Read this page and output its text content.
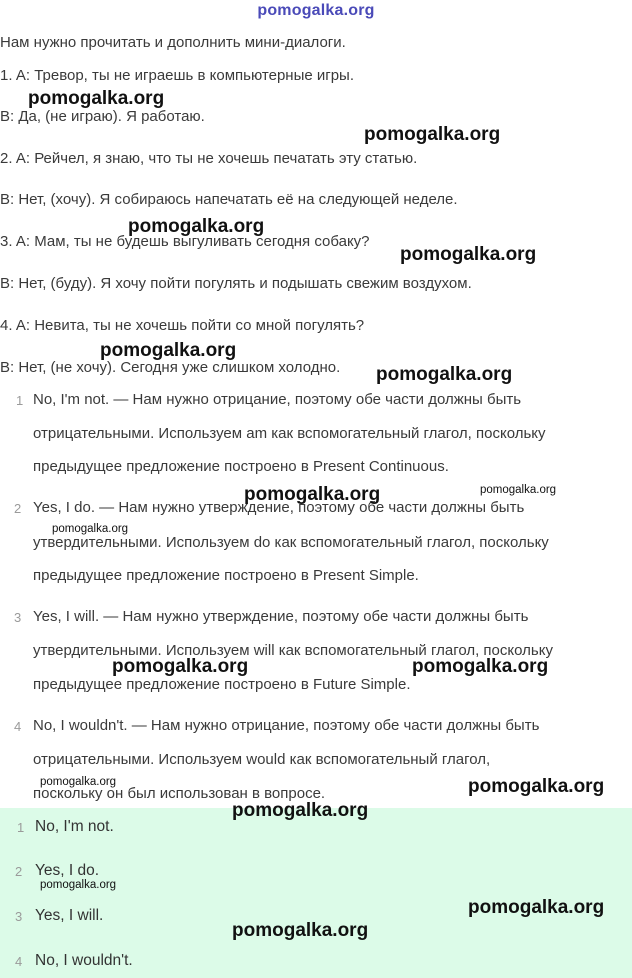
pomogalka.org
Нам нужно прочитать и дополнить мини-диалоги.
1. A: Тревор, ты не играешь в компьютерные игры.
B: Да, (не играю). Я работаю.
2. A: Рейчел, я знаю, что ты не хочешь печатать эту статью.
B: Нет, (хочу). Я собираюсь напечатать её на следующей неделе.
3. A: Мам, ты не будешь выгуливать сегодня собаку?
B: Нет, (буду). Я хочу пойти погулять и подышать свежим воздухом.
4. A: Невита, ты не хочешь пойти со мной погулять?
B: Нет, (не хочу). Сегодня уже слишком холодно.
1 No, I'm not. — Нам нужно отрицание, поэтому обе части должны быть
отрицательными. Используем am как вспомогательный глагол, поскольку
предыдущее предложение построено в Present Continuous.
2 Yes, I do. — Нам нужно утверждение, поэтому обе части должны быть
утвердительными. Используем do как вспомогательный глагол, поскольку
предыдущее предложение построено в Present Simple.
3 Yes, I will. — Нам нужно утверждение, поэтому обе части должны быть
утвердительными. Используем will как вспомогательный глагол, поскольку
предыдущее предложение построено в Future Simple.
4 No, I wouldn't. — Нам нужно отрицание, поэтому обе части должны быть
отрицательными. Используем would как вспомогательный глагол,
поскольку он был использован в вопросе.
1 No, I'm not.
2 Yes, I do.
3 Yes, I will.
4 No, I wouldn't.
pomogalka.org
pomogalka.org
pomogalka.org
pomogalka.org
pomogalka.org
pomogalka.org
pomogalka.org	pomogalka.org
pomogalka.org
pomogalka.org	pomogalka.org
pomogalka.org	pomogalka.org
pomogalka.org
pomogalka.org
pomogalka.org
pomogalka.org
